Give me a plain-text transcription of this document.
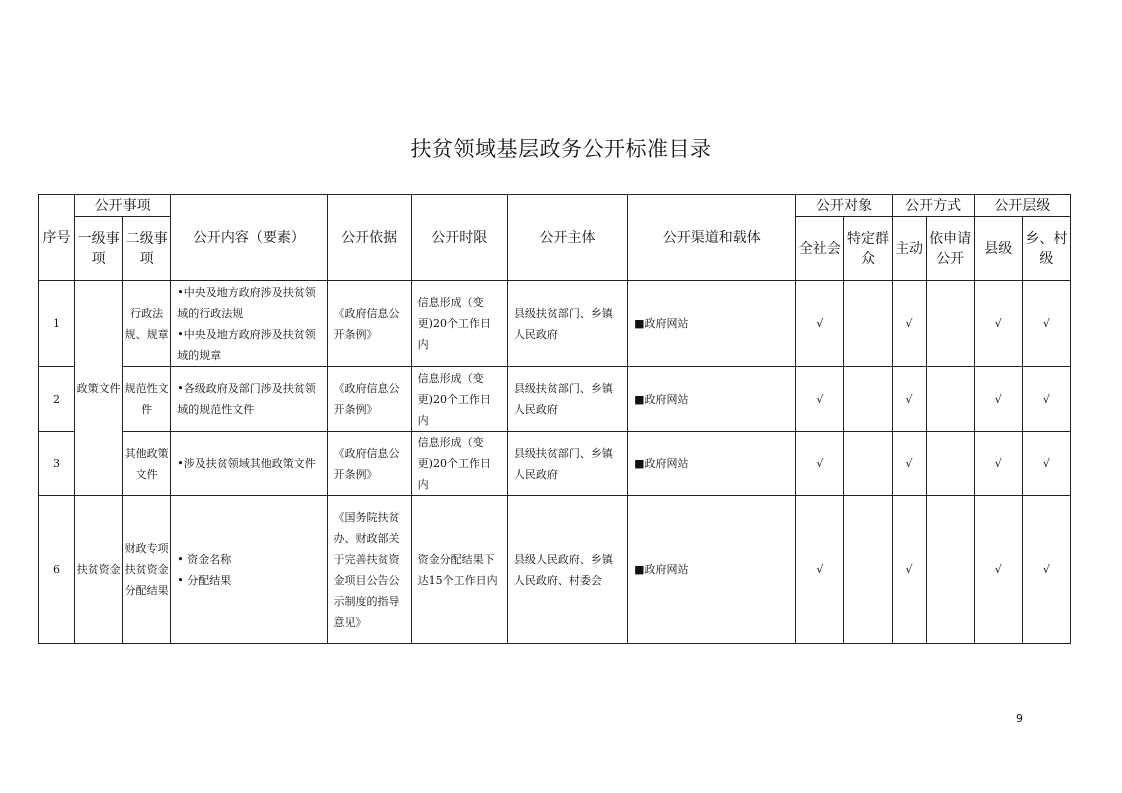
扶贫领域基层政务公开标准目录
序号	公开事项		公开内容（要素）	公开依据	公开时限	公开主体	公开渠道和载体	公开对象		公开方式		公开层级	
	一级事项	二级事项						全社会	特定群众	主动	依申请公开	县级	乡、村级
1	政策文件	行政法规、规章	•中央及地方政府涉及扶贫领域的行政法规
•中央及地方政府涉及扶贫领域的规章	《政府信息公开条例》	信息形成（变更)20个工作日内	县级扶贫部门、乡镇人民政府	■政府网站	√		√		√	√
2		规范性文件	•各级政府及部门涉及扶贫领域的规范性文件	《政府信息公开条例》	信息形成（变更)20个工作日内	县级扶贫部门、乡镇人民政府	■政府网站	√		√		√	√
3		其他政策文件	•涉及扶贫领域其他政策文件	《政府信息公开条例》	信息形成（变更)20个工作日内	县级扶贫部门、乡镇人民政府	■政府网站	√		√		√	√
6	扶贫资金	财政专项扶贫资金分配结果	• 资金名称
• 分配结果	《国务院扶贫办、财政部关于完善扶贫资金项目公告公示制度的指导意见》	资金分配结果下达15个工作日内	县级人民政府、乡镇人民政府、村委会	■政府网站	√		√		√	√
9
